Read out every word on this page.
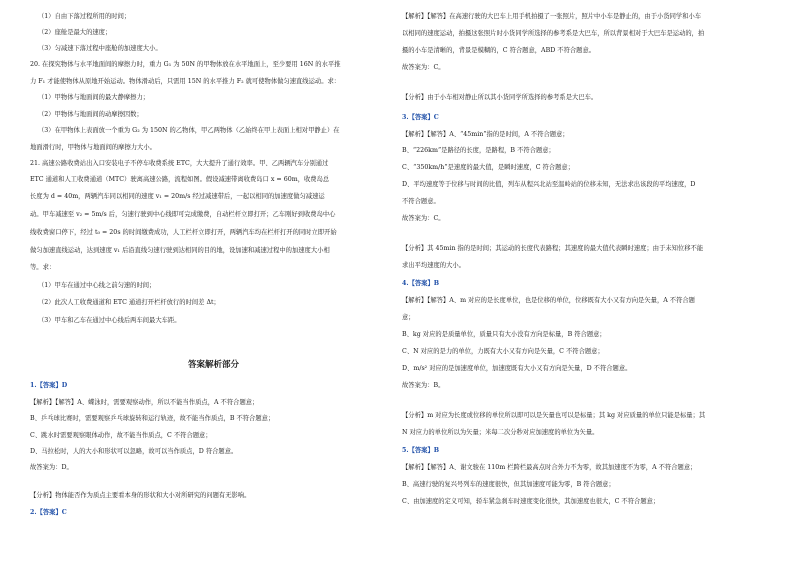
（1）自由下落过程所用的时间；
（2）座舱是最大的速度；
（3）匀减速下落过程中座舱的加速度大小。
20. 在探究物体与水平地面间的摩擦力时，重力 G₁ 为 50N 的甲物体放在水平地面上，至少要用 16N 的水平推
力 F₁ 才能使物体从原地开始运动。物体滑动后，只需用 15N 的水平推力 F₂ 就可使物体做匀速直线运动。求：
（1）甲物体与地面间的最大静摩擦力；
（2）甲物体与地面间的动摩擦因数；
（3）在甲物体上表面放一个重为 G₂ 为 150N 的乙物体，甲乙两物体（乙始终在甲上表面上相对甲静止）在
地面滑行时，甲物体与地面间的摩擦力大小。
21. 高速公路收费站出入口安装电子不停车收费系统 ETC，大大提升了通行效率。甲、乙两辆汽车分别通过
ETC 通道和人工收费通道（MTC）驶离高速公路，流程如图。假设减速带离收费岛口 x = 60m，收费岛总
长度为 d = 40m，两辆汽车同以相同的速度 v₁ = 20m/s 经过减速带后，一起以相同的加速度做匀减速运
动。甲车减速至 v₂ = 5m/s 后，匀速行驶到中心线即可完成缴费，自动栏杆立即打开；乙车刚好到收费岛中心
线收费窗口停下，经过 t₀ = 20s 的时间缴费成功，人工栏杆立即打开，两辆汽车均在栏杆打开的同时立即开始
做匀加速直线运动，达到速度 v₁ 后沿直线匀速行驶到达相同的目的地，设加速和减速过程中的加速度大小相
等。求：
（1）甲车在通过中心线之前匀速的时间；
（2）此次人工收费通道和 ETC 通道打开栏杆放行的时间差 Δt；
（3）甲车和乙车在通过中心线后两车间最大车距。
答案解析部分
1.【答案】D
【解析】【解答】A、蝶泳时，需要观察动作，所以不能当作质点，A 不符合题意；
B、乒乓球比赛时，需要观察乒乓球旋转和运行轨迹，故不能当作质点，B 不符合题意；
C、跳水时需要观察眼体动作，故不能当作质点，C 不符合题意；
D、马拉松时，人的大小和形状可以忽略，故可以当作质点，D 符合题意。
故答案为：D。
【分析】物体能否作为质点主要看本身的形状和大小对所研究的问题有无影响。
2.【答案】C
【解析】【解答】在高速行驶的大巴车上用手机拍摄了一张照片，照片中小车是静止的，由于小货同学和小车
以相同的速度运动，拍摄这张照片时小货同学所选择的参考系是大巴车，所以背景相对于大巴车是运动的，拍
摄的小车是清晰的，背景是模糊的，C 符合题意，ABD 不符合题意。
故答案为：C。
【分析】由于小车相对静止所以其小货同学所选择的参考系是大巴车。
3.【答案】C
【解析】【解答】A、“45min”指的是时间，A 不符合题意；
B、“226km”是路径的长度，是路程，B 不符合题意；
C、“350km/h”是速度的最大值，是瞬时速度，C 符合题意；
D、平均速度等于位移与时间的比值，列车从程兴北站至温岭站的位移未知，无法求出该段的平均速度，D
不符合题意。
故答案为：C。
【分析】其 45min 指的是时间；其运动的长度代表路程；其速度的最大值代表瞬时速度；由于未知位移不能
求出平均速度的大小。
4.【答案】B
【解析】【解答】A、m 对应的是长度单位，也是位移的单位，位移既有大小又有方向是矢量，A 不符合题
意；
B、kg 对应的是质量单位，质量只有大小没有方向是标量，B 符合题意；
C、N 对应的是力的单位，力既有大小又有方向是矢量，C 不符合题意；
D、m/s² 对应的是加速度单位，加速度既有大小又有方向是矢量，D 不符合题意。
故答案为：B。
【分析】m 对应为长度或位移的单位所以即可以是矢量也可以是标量；其 kg 对应质量的单位只能是标量；其
N 对应力的单位所以为矢量；米每二次分秒对应加速度的单位为矢量。
5.【答案】B
【解析】【解答】A、谢文骏在 110m 栏跨栏最高点时合外力不为零，故其加速度不为零，A 不符合题意；
B、高速行驶的复兴号列车的速度很快，但其加速度可能为零，B 符合题意；
C、由加速度的定义可知，轿车紧急刹车时速度变化很快，其加速度也很大，C 不符合题意；
